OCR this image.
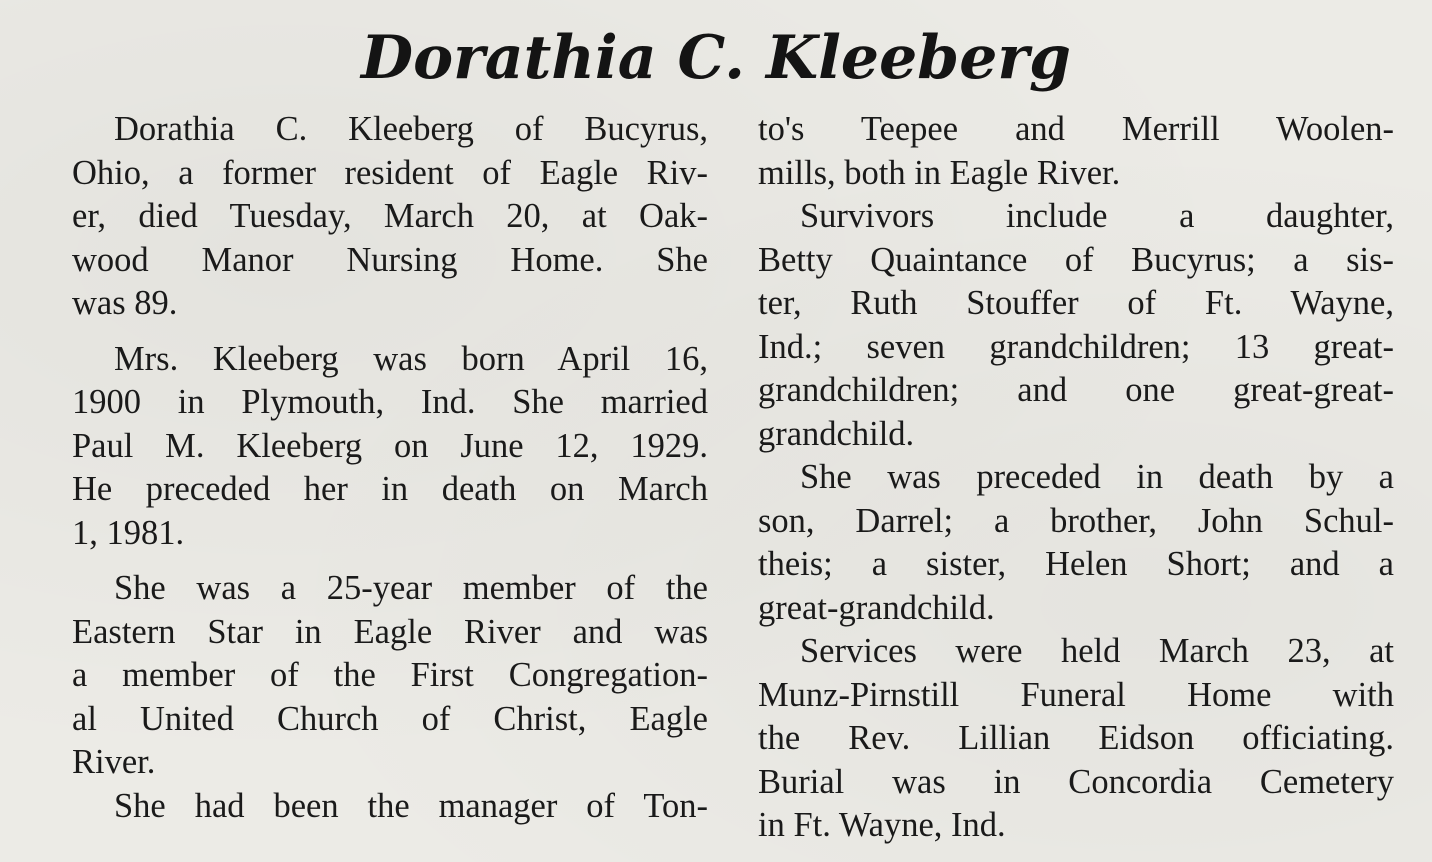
Dorathia C. Kleeberg
Dorathia C. Kleeberg of Bucyrus,
Ohio, a former resident of Eagle Riv-
er, died Tuesday, March 20, at Oak-
wood Manor Nursing Home. She
was 89.
Mrs. Kleeberg was born April 16,
1900 in Plymouth, Ind. She married
Paul M. Kleeberg on June 12, 1929.
He preceded her in death on March
1, 1981.
She was a 25-year member of the
Eastern Star in Eagle River and was
a member of the First Congregation-
al United Church of Christ, Eagle
River.
She had been the manager of Ton-
to's Teepee and Merrill Woolen-
mills, both in Eagle River.
Survivors include a daughter,
Betty Quaintance of Bucyrus; a sis-
ter, Ruth Stouffer of Ft. Wayne,
Ind.; seven grandchildren; 13 great-
grandchildren; and one great-great-
grandchild.
She was preceded in death by a
son, Darrel; a brother, John Schul-
theis; a sister, Helen Short; and a
great-grandchild.
Services were held March 23, at
Munz-Pirnstill Funeral Home with
the Rev. Lillian Eidson officiating.
Burial was in Concordia Cemetery
in Ft. Wayne, Ind.
